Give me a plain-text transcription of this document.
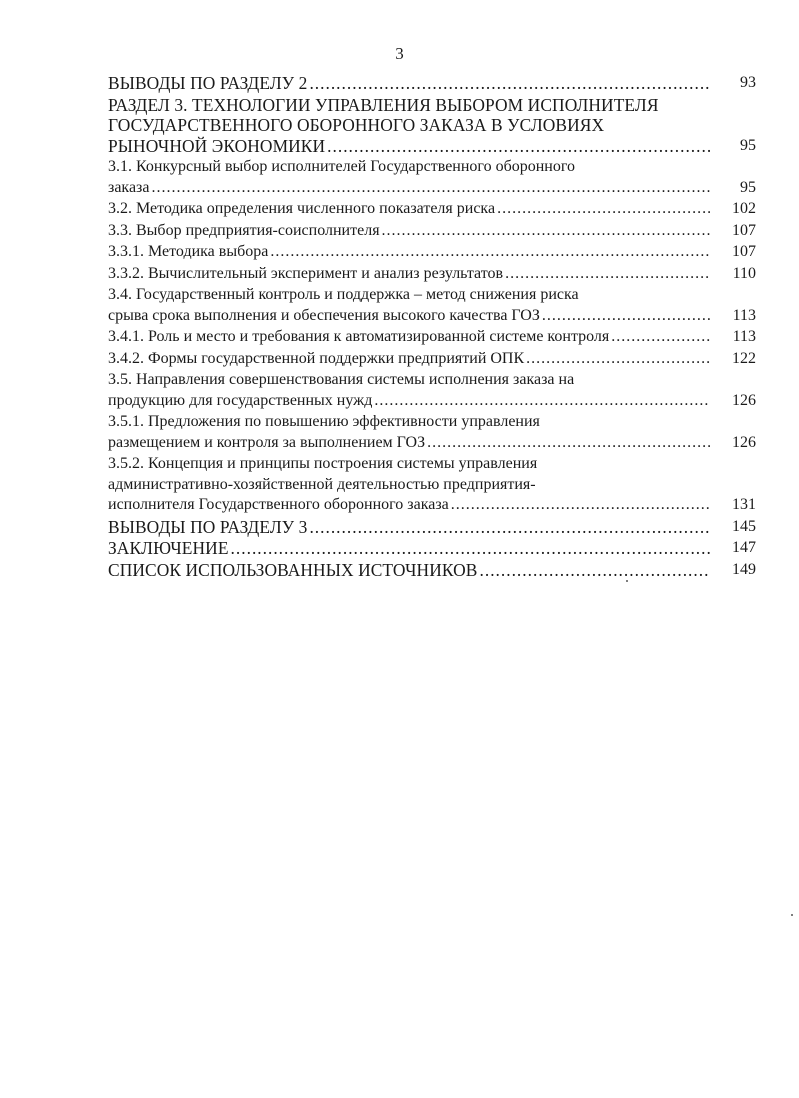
3
ВЫВОДЫ ПО РАЗДЕЛУ 2 .....	93
РАЗДЕЛ 3. ТЕХНОЛОГИИ УПРАВЛЕНИЯ ВЫБОРОМ ИСПОЛНИТЕЛЯ
ГОСУДАРСТВЕННОГО ОБОРОННОГО ЗАКАЗА В УСЛОВИЯХ
РЫНОЧНОЙ ЭКОНОМИКИ .....	95
3.1. Конкурсный выбор исполнителей Государственного оборонного
заказа .....	95
3.2. Методика определения численного показателя риска .....	102
3.3. Выбор предприятия-соисполнителя .....	107
3.3.1. Методика выбора .....	107
3.3.2. Вычислительный эксперимент и анализ результатов .....	110
3.4. Государственный контроль и поддержка – метод снижения риска
срыва срока выполнения и обеспечения высокого качества ГОЗ .....	113
3.4.1. Роль и место и требования к автоматизированной системе контроля .....	113
3.4.2. Формы государственной поддержки предприятий ОПК .....	122
3.5. Направления совершенствования системы исполнения заказа на
продукцию для государственных нужд .....	126
3.5.1. Предложения по повышению эффективности управления
размещением и контроля за выполнением ГОЗ .....	126
3.5.2. Концепция и принципы построения системы управления
административно-хозяйственной деятельностью предприятия-
исполнителя Государственного оборонного заказа .....	131
ВЫВОДЫ ПО РАЗДЕЛУ 3 .....	145
ЗАКЛЮЧЕНИЕ .....	147
СПИСОК ИСПОЛЬЗОВАННЫХ ИСТОЧНИКОВ .....	149
